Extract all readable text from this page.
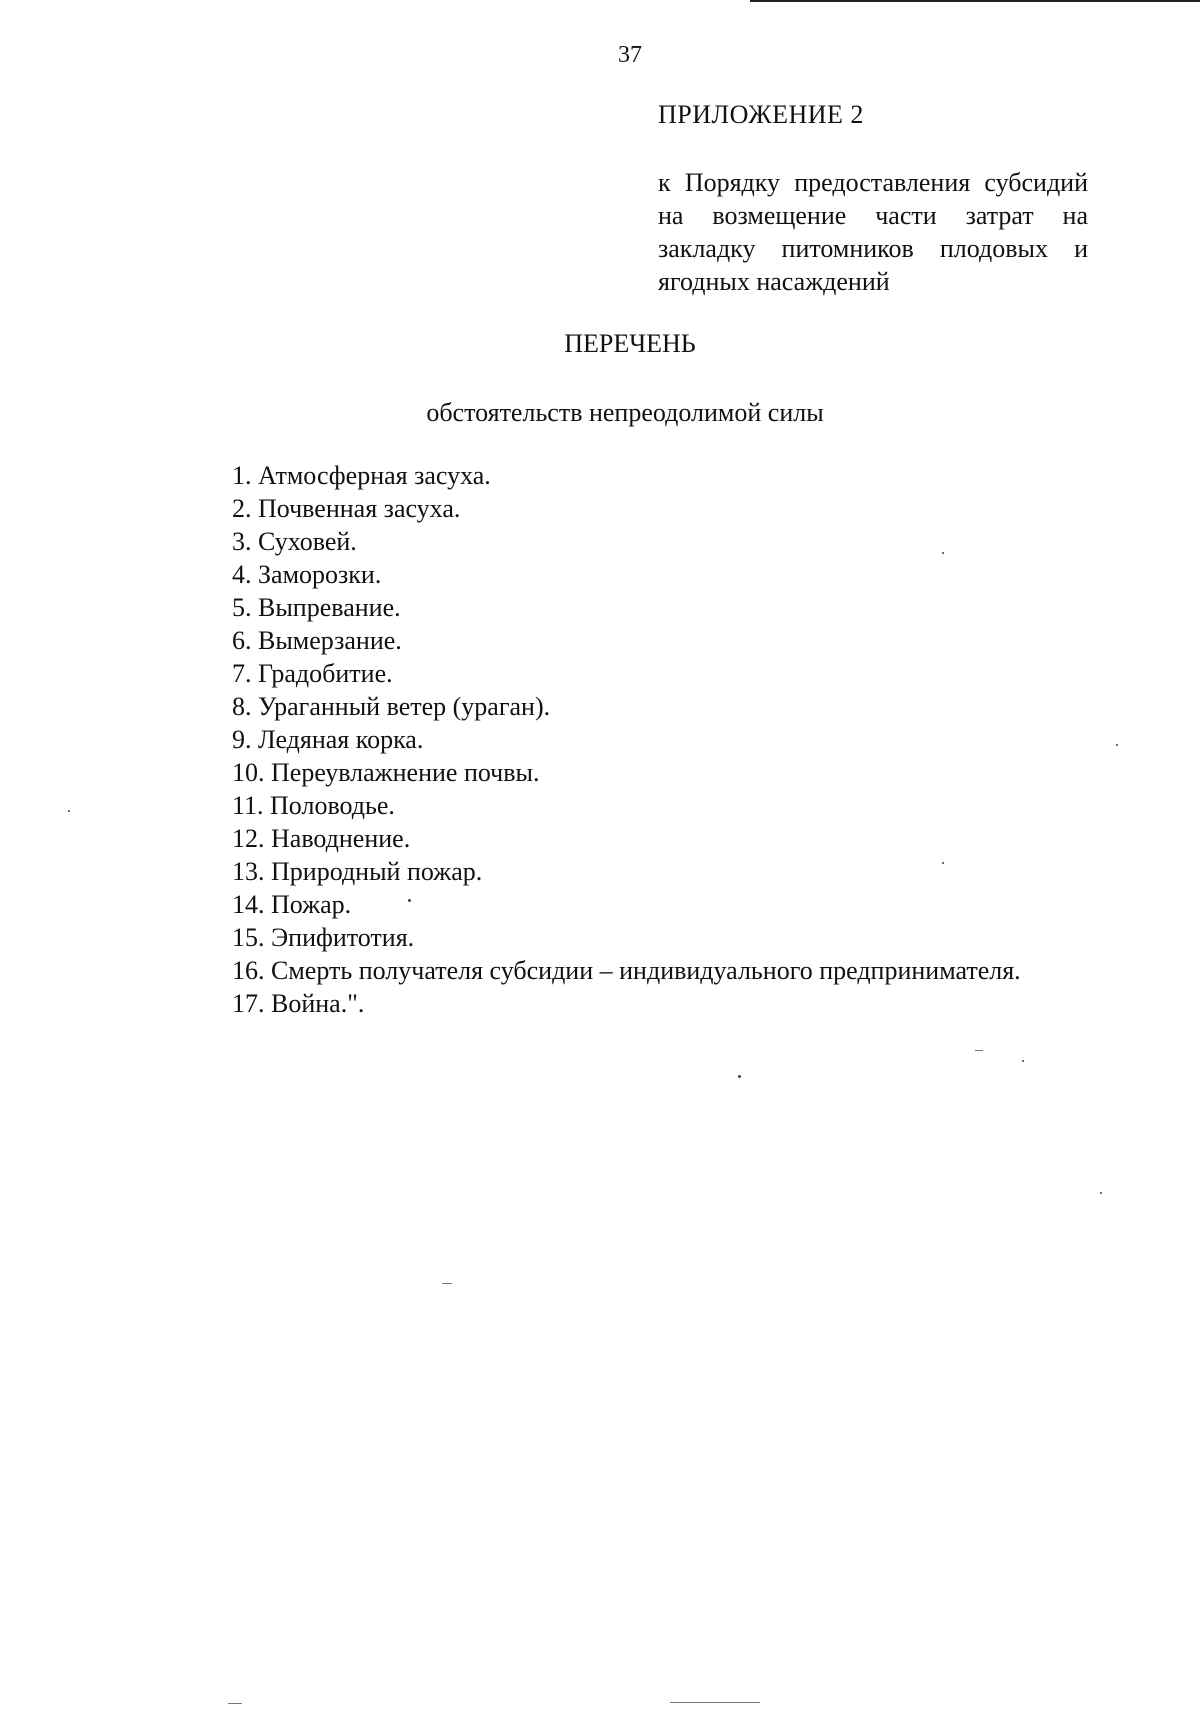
37
ПРИЛОЖЕНИЕ 2
к Порядку предоставления субсидий на возмещение части затрат на закладку питомников плодовых и ягодных насаждений
ПЕРЕЧЕНЬ
обстоятельств непреодолимой силы
1. Атмосферная засуха.
2. Почвенная засуха.
3. Суховей.
4. Заморозки.
5. Выпревание.
6. Вымерзание.
7. Градобитие.
8. Ураганный ветер (ураган).
9. Ледяная корка.
10. Переувлажнение почвы.
11. Половодье.
12. Наводнение.
13. Природный пожар.
14. Пожар.
15. Эпифитотия.
16. Смерть получателя субсидии – индивидуального предпринимателя.
17. Война.".
